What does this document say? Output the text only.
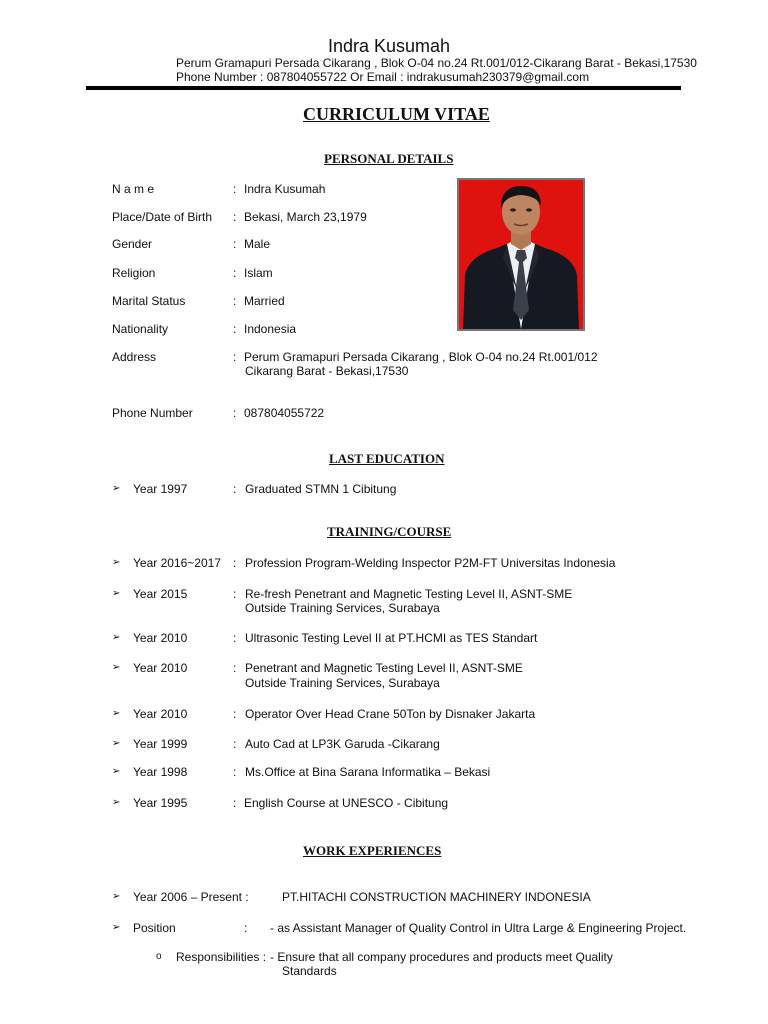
Indra Kusumah
Perum Gramapuri Persada Cikarang , Blok O-04 no.24 Rt.001/012-Cikarang Barat - Bekasi,17530
Phone Number : 087804055722 Or Email : indrakusumah230379@gmail.com
CURRICULUM VITAE
PERSONAL DETAILS
N a m e	: Indra Kusumah
Place/Date of Birth : Bekasi, March 23,1979
Gender	: Male
Religion	: Islam
Marital Status	: Married
Nationality	: Indonesia
Address	: Perum Gramapuri Persada Cikarang , Blok O-04 no.24 Rt.001/012
Cikarang Barat - Bekasi,17530
Phone Number	: 087804055722
LAST EDUCATION
➢ Year 1997	: Graduated STMN 1 Cibitung
TRAINING/COURSE
➢ Year 2016~2017 : Profession Program-Welding Inspector P2M-FT Universitas Indonesia
➢ Year 2015	: Re-fresh Penetrant and Magnetic Testing Level II, ASNT-SME
Outside Training Services, Surabaya
➢ Year 2010	: Ultrasonic Testing Level II at PT.HCMI as TES Standart
➢ Year 2010	: Penetrant and Magnetic Testing Level II, ASNT-SME
Outside Training Services, Surabaya
➢ Year 2010	: Operator Over Head Crane 50Ton by Disnaker Jakarta
➢ Year 1999	: Auto Cad at LP3K Garuda -Cikarang
➢ Year 1998	: Ms.Office at Bina Sarana Informatika – Bekasi
➢ Year 1995	: English Course at UNESCO - Cibitung
WORK EXPERIENCES
➢ Year 2006 – Present :	PT.HITACHI CONSTRUCTION MACHINERY INDONESIA
➢ Position	: - as Assistant Manager of Quality Control in Ultra Large & Engineering Project.
o Responsibilities : - Ensure that all company procedures and products meet Quality
Standards
